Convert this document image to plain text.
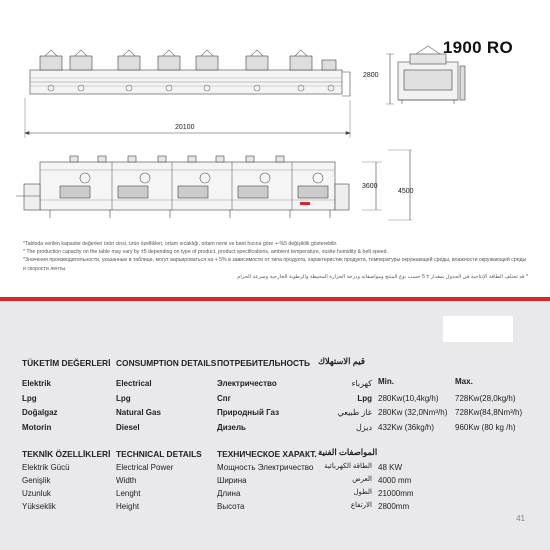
1900 RO
2800
20100
3600
4500
*Tabloda verilen kapasite değerleri ürün cinsi, ürün özellikleri, ortam sıcaklığı, ortam nemi ve bant hızına göre +-%5 değişiklik gösterebilir.
* The production capacity on the table may vary by ±5 depending on type of product, product specifications, ambient temperature, ousite humidity & belt speed.
*Значения производительности, указанные в таблице, могут варьироваться на + 5% в зависимости от типа продукта, характеристик продукта, температуры окружающей среды, влажности окружающей среды и скорости ленты.
* قد تختلف الطاقة الإنتاجية في الجدول بمقدار ± 5 حسب نوع المنتج ومواصفاته ودرجة الحرارة المحيطة والرطوبة الخارجية وسرعة الحزام
TÜKETİM DEĞERLERİ CONSUMPTION DETAILS ПОТРЕБИТЕЛЬНОСТЬ قيم الاستهلاك
Min.	Max.
Elektrik	Electrical	Электричество	كهرباء
Lpg	Lpg	Спг	Lpg 280Kw(10,4kg/h) 728Kw(28,0kg/h)
Doğalgaz	Natural Gas	Природный Газ	غاز طبيعي 280Kw (32,0Nm³/h) 728Kw(84,8Nm³/h)
Motorin	Diesel	Дизель	ديزل 432Kw (36kg/h)	960Kw (80 kg /h)
TEKNİK ÖZELLİKLERİ TECHNICAL DETAILS ТЕХНИЧЕСКОЕ ХАРАКТ. المواصفات الفنية
Elektrik Gücü	Electrical Power	Мощность Электричество	الطاقة الكهربائية 48 KW
Genişlik	Width	Ширина	العرض 4000 mm
Uzunluk	Lenght	Длина	الطول 21000mm
Yükseklik	Height	Высота	الارتفاع 2800mm
41
